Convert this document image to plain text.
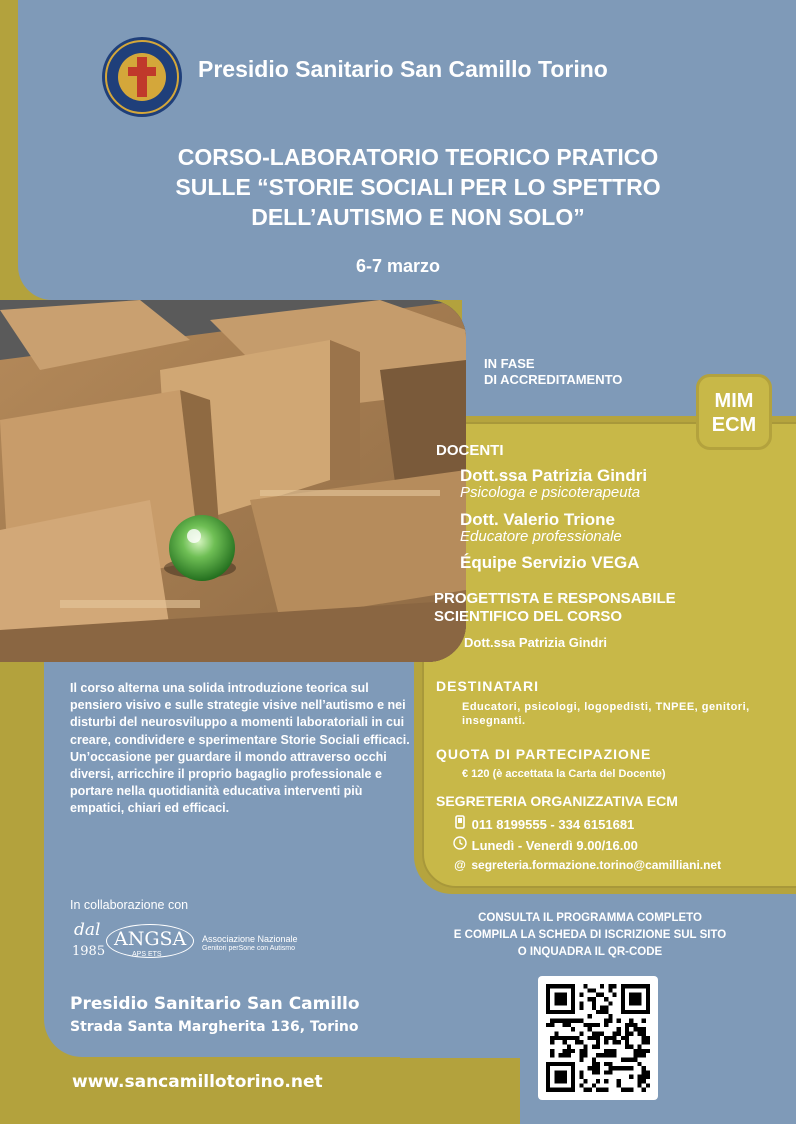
Presidio Sanitario San Camillo Torino
CORSO-LABORATORIO TEORICO PRATICO
SULLE “STORIE SOCIALI PER LO SPETTRO
DELL’AUTISMO E NON SOLO”
6-7 marzo
IN FASE
DI ACCREDITAMENTO
MIM
ECM
DOCENTI
Dott.ssa Patrizia Gindri
Psicologa e psicoterapeuta
Dott. Valerio Trione
Educatore professionale
Équipe Servizio VEGA
PROGETTISTA E RESPONSABILE
SCIENTIFICO DEL CORSO
Dott.ssa Patrizia Gindri
DESTINATARI
Educatori, psicologi, logopedisti, TNPEE, genitori, insegnanti.
QUOTA DI PARTECIPAZIONE
€ 120 (è accettata la Carta del Docente)
SEGRETERIA ORGANIZZATIVA ECM
011 8199555 - 334 6151681
Lunedì - Venerdì 9.00/16.00
@ segreteria.formazione.torino@camilliani.net
Il corso alterna una solida introduzione teorica sul pensiero visivo e sulle strategie visive nell’autismo e nei disturbi del neurosviluppo a momenti laboratoriali in cui creare, condividere e sperimentare Storie Sociali efficaci.
Un’occasione per guardare il mondo attraverso occhi diversi, arricchire il proprio bagaglio professionale e portare nella quotidianità educativa interventi più empatici, chiari ed efficaci.
In collaborazione con
dal
1985
ANGSA
APS ETS
Associazione Nazionale
Genitori perSone con Autismo
Presidio Sanitario San Camillo
Strada Santa Margherita 136, Torino
www.sancamillotorino.net
CONSULTA IL PROGRAMMA COMPLETO
E COMPILA LA SCHEDA DI ISCRIZIONE SUL SITO
O INQUADRA IL QR-CODE
